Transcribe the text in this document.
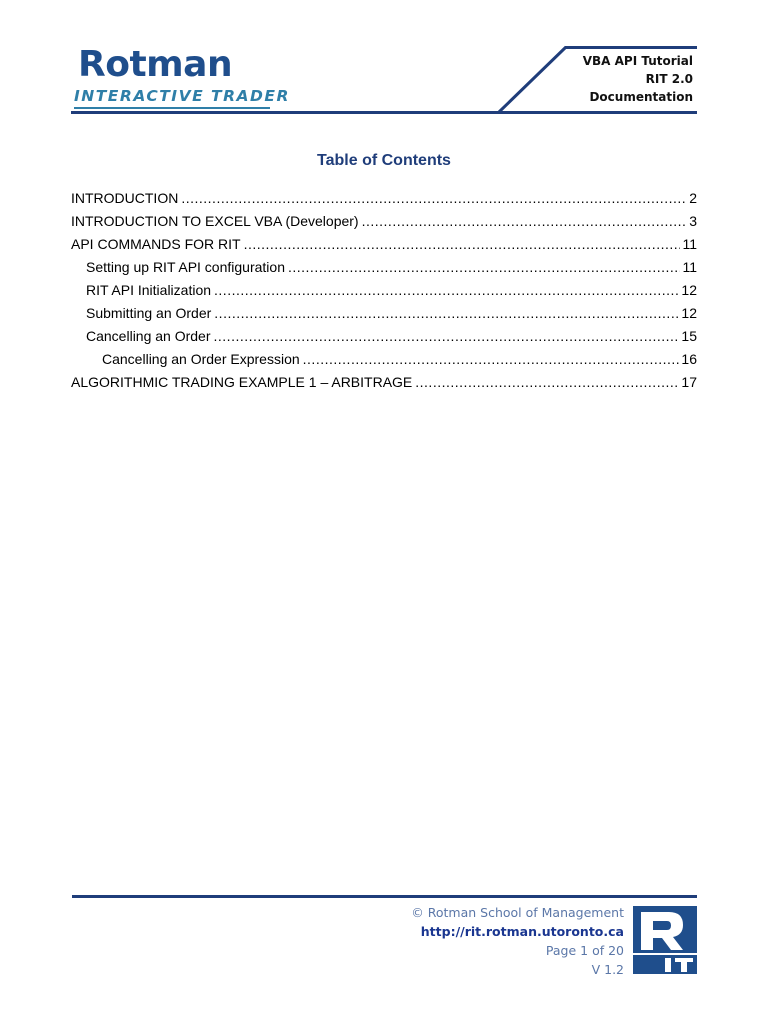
Rotman
INTERACTIVE TRADER
VBA API Tutorial
RIT 2.0
Documentation
Table of Contents
INTRODUCTION .....	2
INTRODUCTION TO EXCEL VBA (Developer) .....	3
API COMMANDS FOR RIT .....	11
Setting up RIT API configuration .....	11
RIT API Initialization .....	12
Submitting an Order .....	12
Cancelling an Order .....	15
Cancelling an Order Expression .....	16
ALGORITHMIC TRADING EXAMPLE 1 – ARBITRAGE .....	17
© Rotman School of Management
http://rit.rotman.utoronto.ca
Page 1 of 20
V 1.2
